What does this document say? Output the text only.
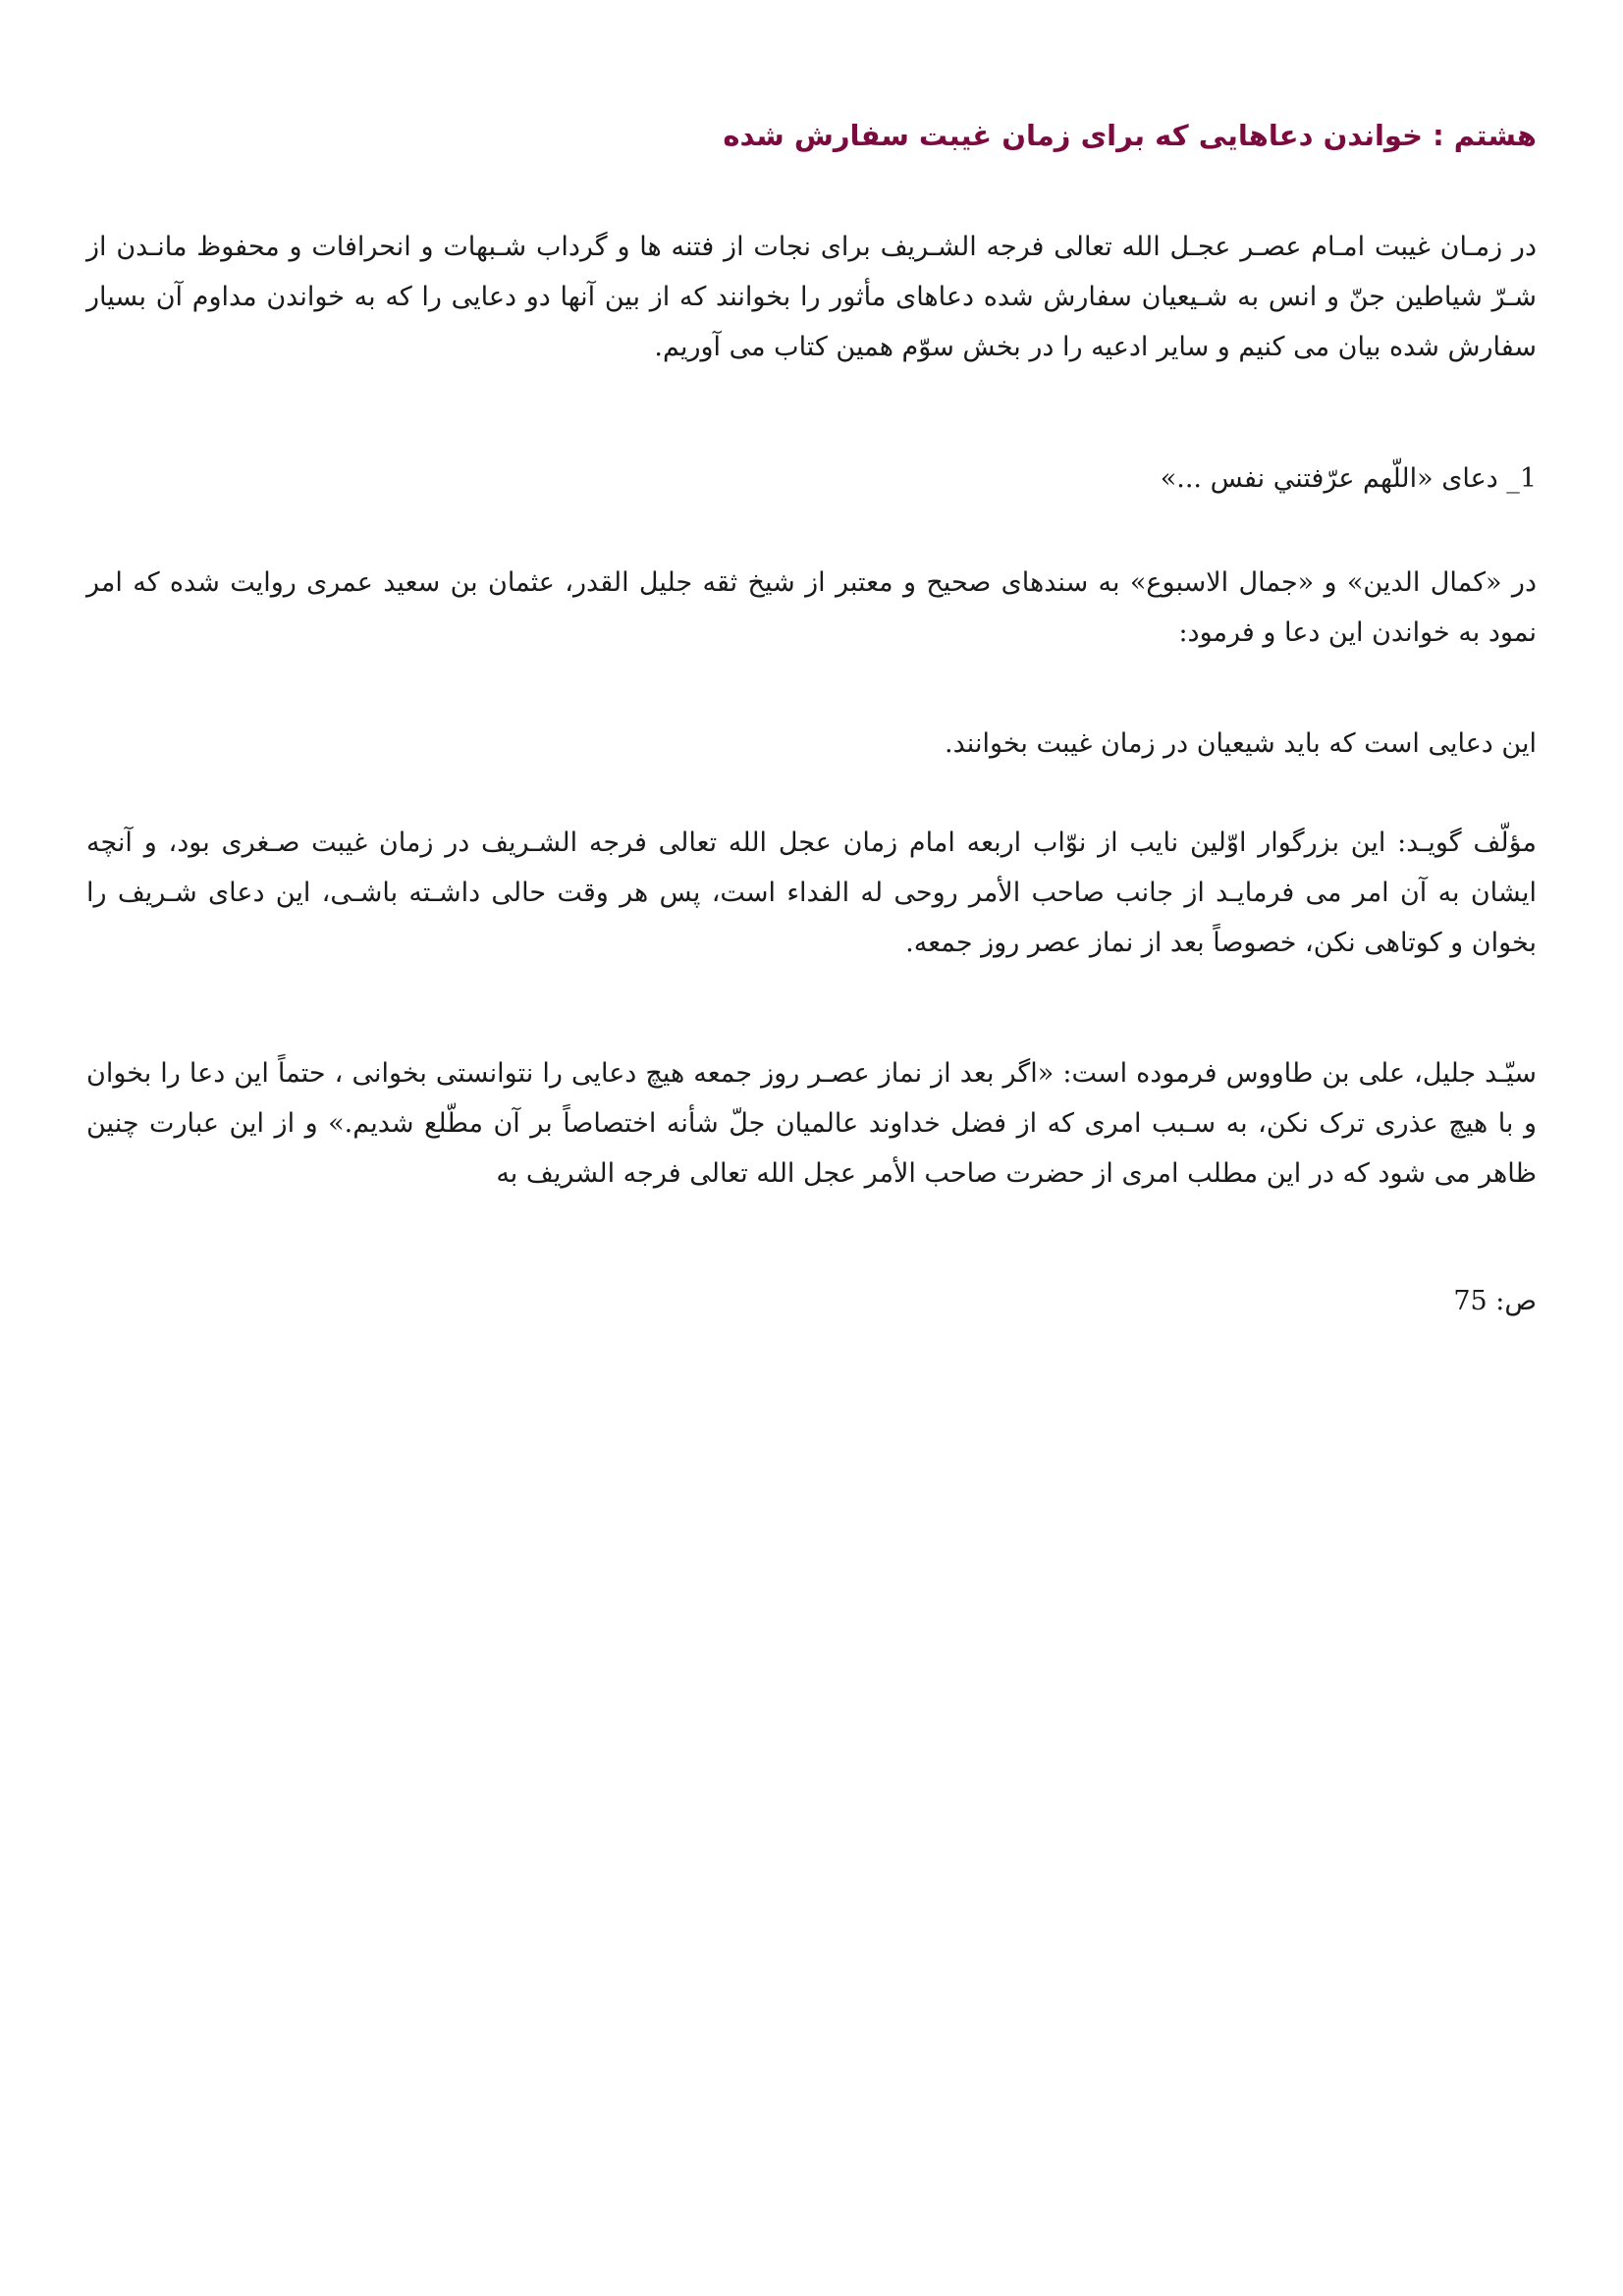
هشتم : خواندن دعاهایی که برای زمان غیبت سفارش شده

در زمـان غیبت امـام عصـر عجـل الله تعالی فرجه الشـریف برای نجات از فتنه ها و گرداب شـبهات و انحرافات و محفوظ مانـدن از شـرّ شیاطین جنّ و انس به شـیعیان سفارش شده دعاهای مأثور را بخوانند که از بین آنها دو دعایی را که به خواندن مداوم آن بسیار سفارش شده بیان می کنیم و سایر ادعیه را در بخش سوّم همین کتاب می آوریم.

1_ دعای «اللّهم عرّفتني نفس ...»

در «کمال الدین» و «جمال الاسبوع» به سندهای صحیح و معتبر از شیخ ثقه جلیل القدر، عثمان بن سعید عمری روایت شده که امر نمود به خواندن این دعا و فرمود:

این دعایی است که باید شیعیان در زمان غیبت بخوانند.

مؤلّف گویـد: این بزرگوار اوّلین نایب از نوّاب اربعه امام زمان عجل الله تعالی فرجه الشـریف در زمان غیبت صـغری بود، و آنچه ایشان به آن امر می فرمایـد از جانب صاحب الأمر روحی له الفداء است، پس هر وقت حالی داشـته باشـی، این دعای شـریف را بخوان و کوتاهی نکن، خصوصاً بعد از نماز عصر روز جمعه.

سیّـد جلیل، علی بن طاووس فرموده است: «اگر بعد از نماز عصـر روز جمعه هیچ دعایی را نتوانستی بخوانی ، حتماً این دعا را بخوان و با هیچ عذری ترک نکن، به سـبب امری که از فضل خداوند عالمیان جلّ شأنه اختصاصاً بر آن مطّلع شدیم.» و از این عبارت چنین ظاهر می شود که در این مطلب امری از حضرت صاحب الأمر عجل الله تعالی فرجه الشریف به

ص: 75
